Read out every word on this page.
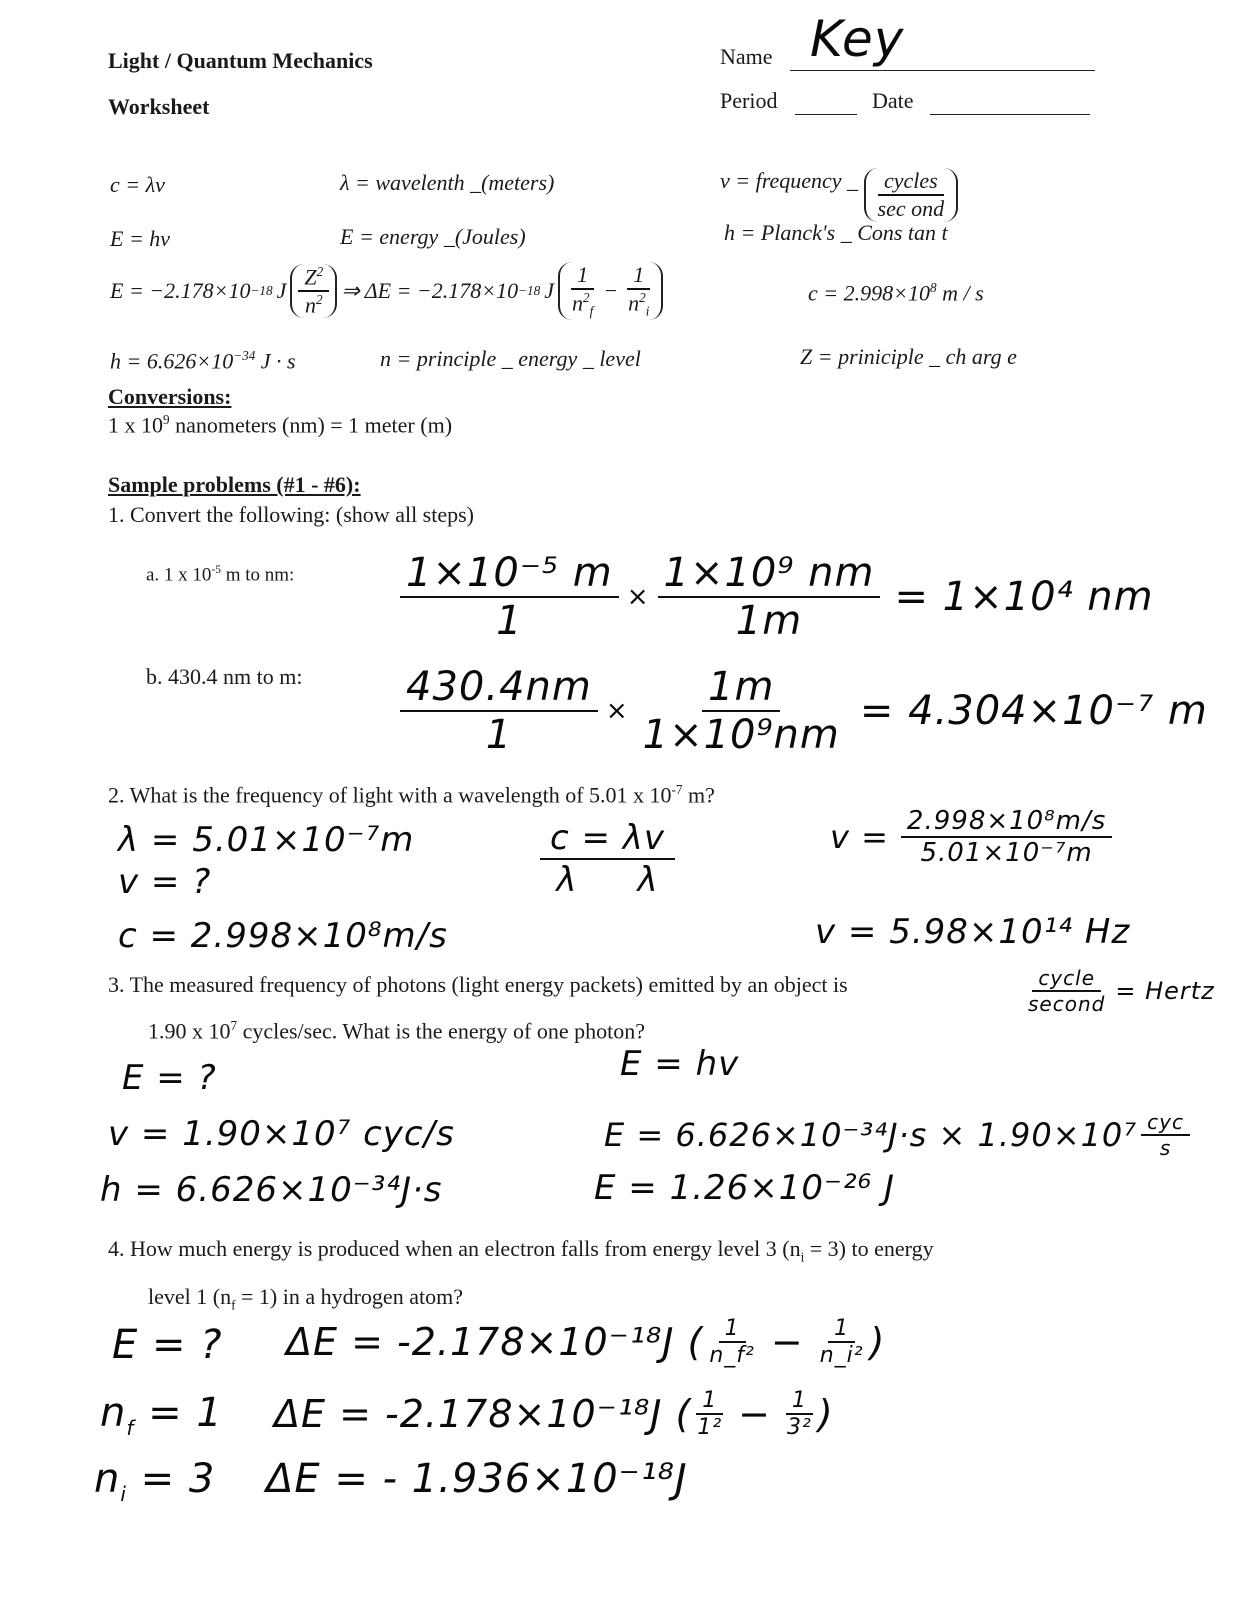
Light / Quantum Mechanics
Worksheet
Name Key
Period	Date
c = λv	λ = wavelenth _(meters)	v = frequency _ $\frac{\text{cycles}}{\text{sec ond}}$
E = hv	E = energy _(Joules)	h = Planck's _ Cons tan t
E = −2.178×10 −18 J $\frac{Z^2}{n^2}$ ⇒ ΔE = −2.178×10 −18 J $\frac{1}{n^2_f} - \frac{1}{n^2_i}$	$c = 2.998\times 10^8$ m / s
$h = 6.626\times 10^{-34}$ J · s	n = principle _ energy _ level	Z = priniciple _ ch arg e
Conversions:
1 x $10^9$ nanometers (nm) = 1 meter (m)
Sample problems (#1 - #6):
1. Convert the following: (show all steps)
a. 1 x $10^{-5}$ m to nm:	$\frac{\text{1×10⁻⁵ m}}{1} \times \frac{\text{1×10⁹ nm}}{1m} = 1\times 10^4$ nm
b. 430.4 nm to m: $\frac{430.4nm}{1} \times \frac{1m}{\text{1×10⁹nm}} = 4.304\times 10^{-7}$ m
2. What is the frequency of light with a wavelength of 5.01 x $10^{-7}$ m?
λ = 5.01×10⁻⁷m
v = ?
c = 2.998×10⁸m/s
$\frac{c = \lambda v}{\text{λ λ}}$	$v = \frac{\text{2.998×10⁸m/s}}{\text{5.01×10⁻⁷m}}$
v = 5.98×10¹⁴ Hz
3. The measured frequency of photons (light energy packets) emitted by an object is
1.90 x $10^7$ cycles/sec. What is the energy of one photon?
$\frac{\text{cycle}}{\text{second}}$ = Hertz
E = ?
v = 1.90×10⁷ cyc/s
h = 6.626×10⁻³⁴J·s
E = hv
$E = 6.626\times 10^{-34}J\cdot s \times 1.90\times 10^7 \frac{\text{cyc}}{s}$
E = 1.26×10⁻²⁶ J
4. How much energy is produced when an electron falls from energy level 3 $(n_i = 3)$ to energy
level 1 $(n_f = 1)$ in a hydrogen atom?
E = ?
$n_f = 1$
$n_i = 3$
ΔE = -2.178×10⁻¹⁸J ( $\frac{1}{\text{n\_f²}} - \frac{1}{\text{n\_i²}}$ )
ΔE = -2.178×10⁻¹⁸J ( $\frac{1}{\text{1²}} - \frac{1}{\text{3²}}$ )
ΔE = - 1.936×10⁻¹⁸J
